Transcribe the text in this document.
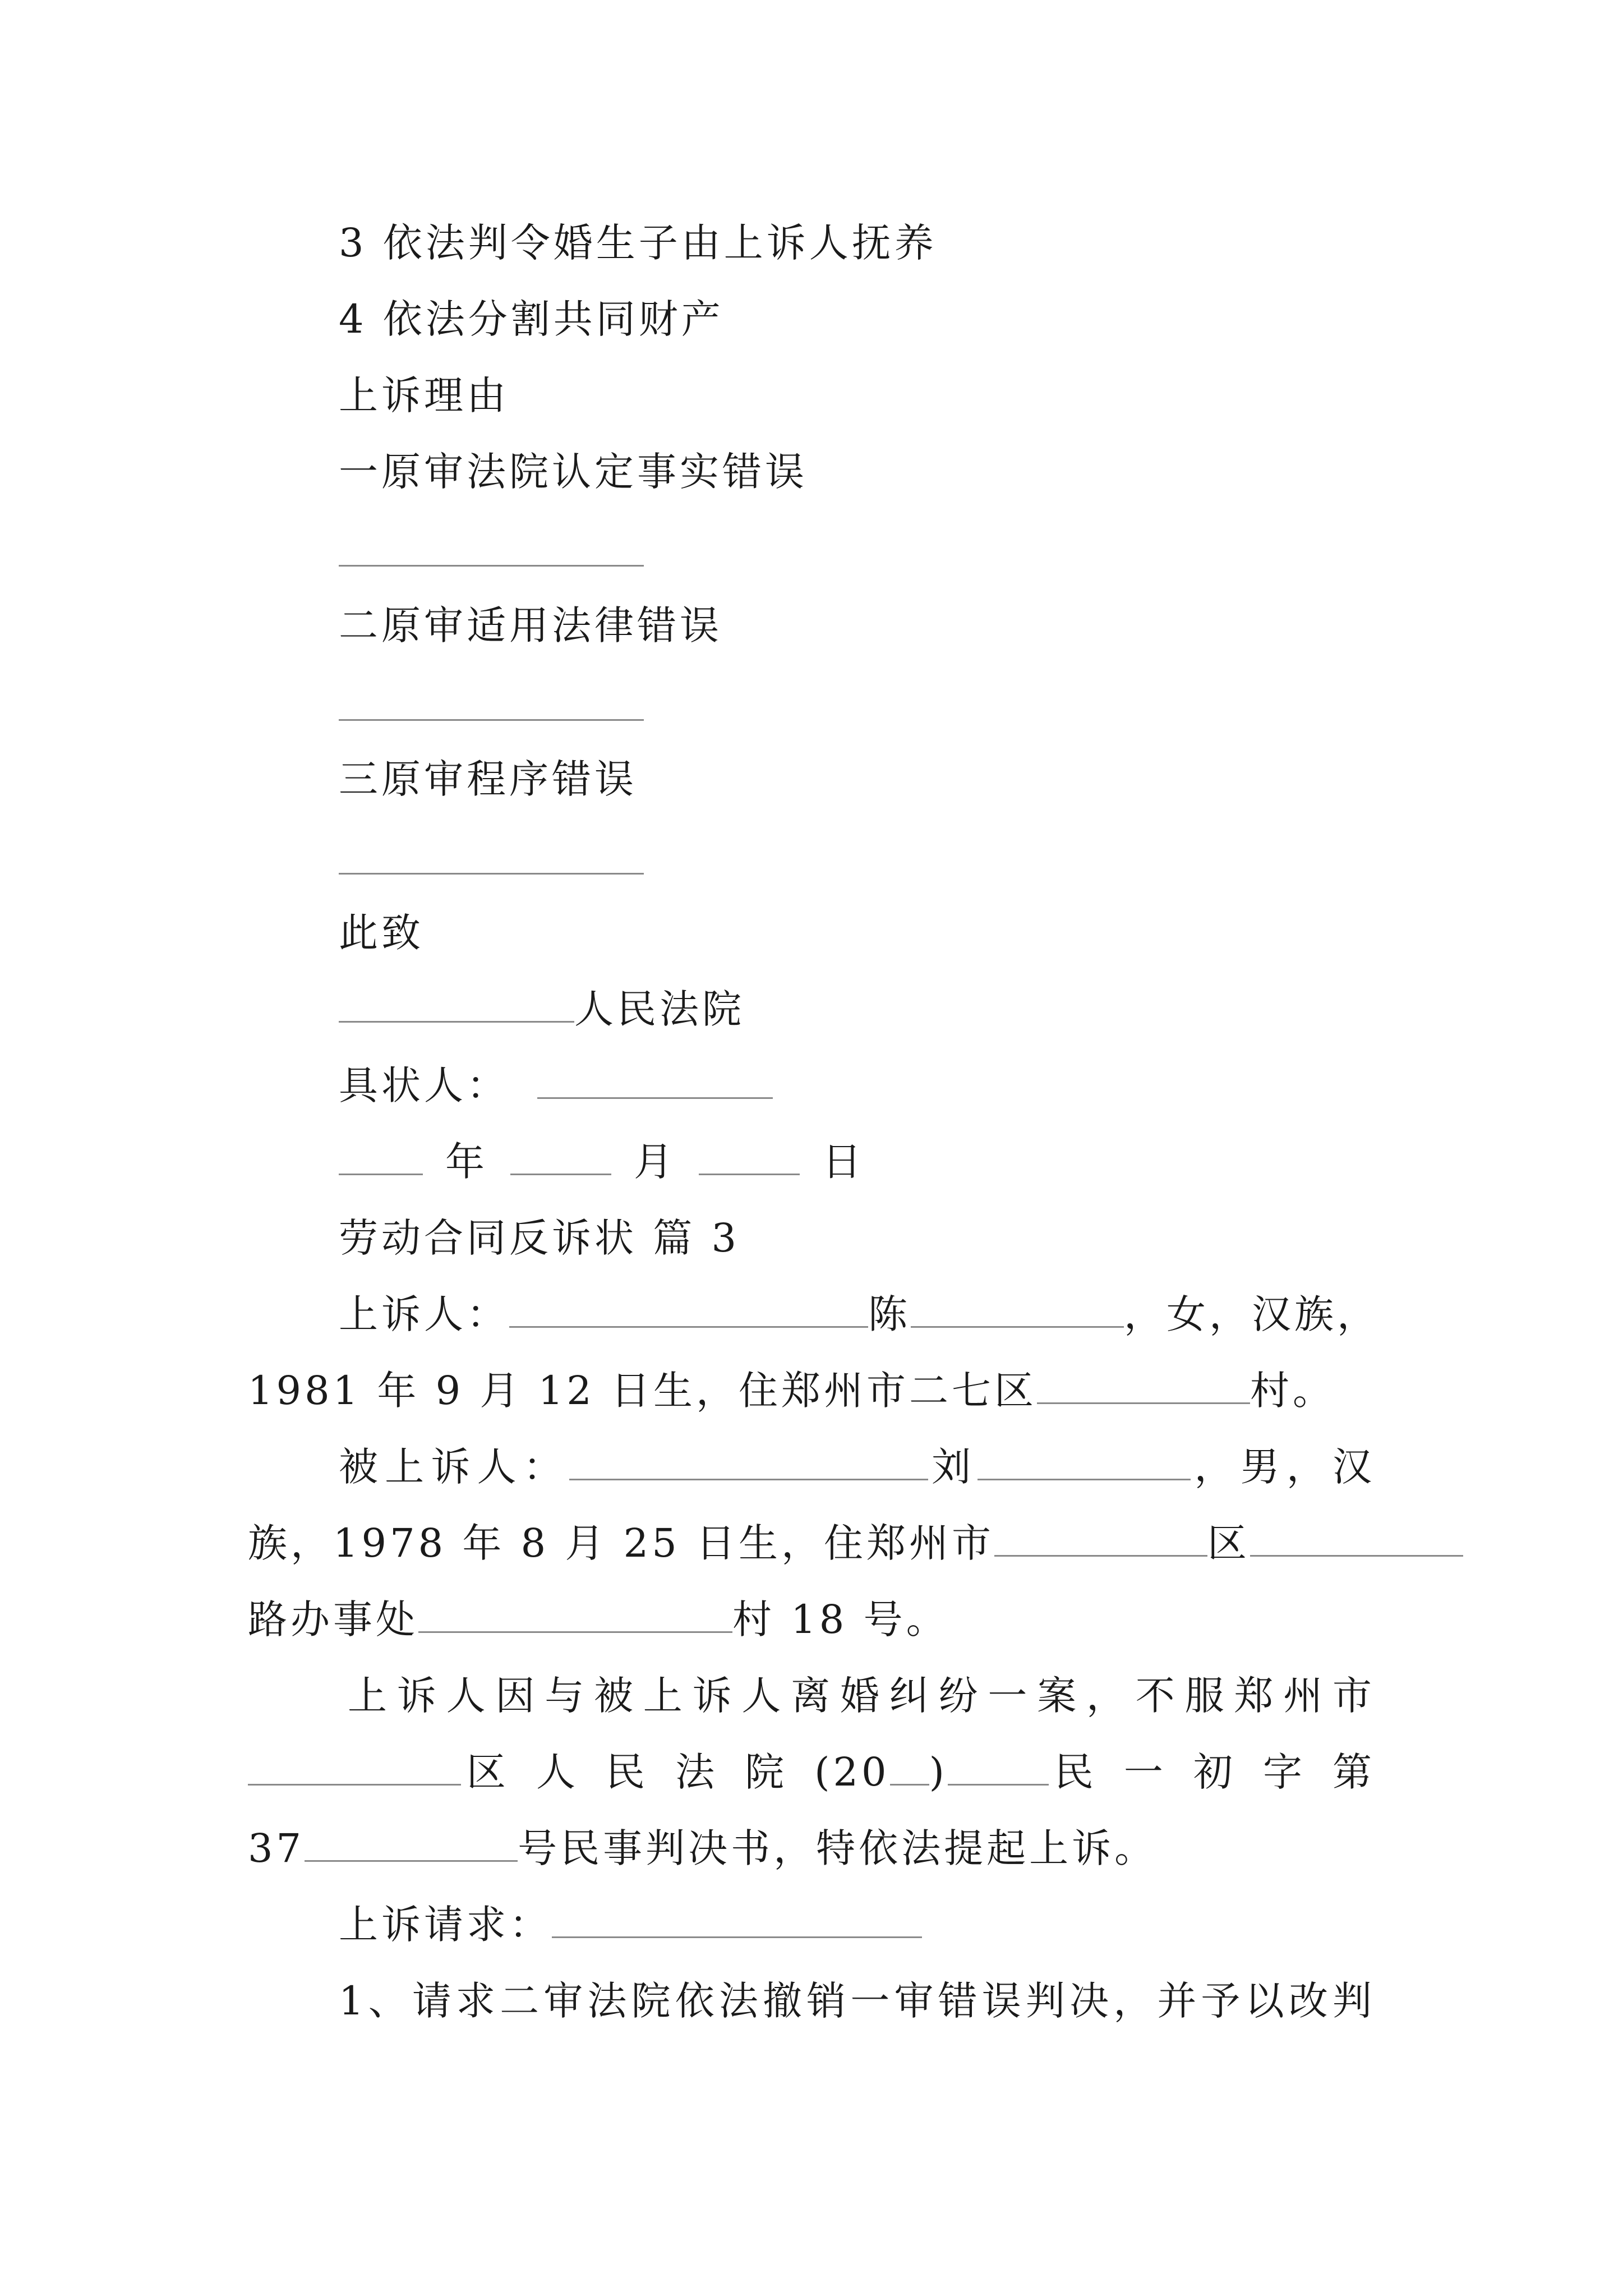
3 依法判令婚生子由上诉人抚养
4 依法分割共同财产
上诉理由
一原审法院认定事实错误
二原审适用法律错误
三原审程序错误
此致
人民法院
具状人：
年	月	日
劳动合同反诉状 篇 3
上诉人：	陈	，女，汉族，
1981 年 9 月 12 日生，住郑州市二七区	村。
被上诉人：	刘	，男，汉
族，1978 年 8 月 25 日生，住郑州市	区
路办事处	村 18 号。
上诉人因与被上诉人离婚纠纷一案，不服郑州市
区 人 民 法 院 (20 )	民 一 初 字 第
37	号民事判决书，特依法提起上诉。
上诉请求：
1、请求二审法院依法撤销一审错误判决，并予以改判
